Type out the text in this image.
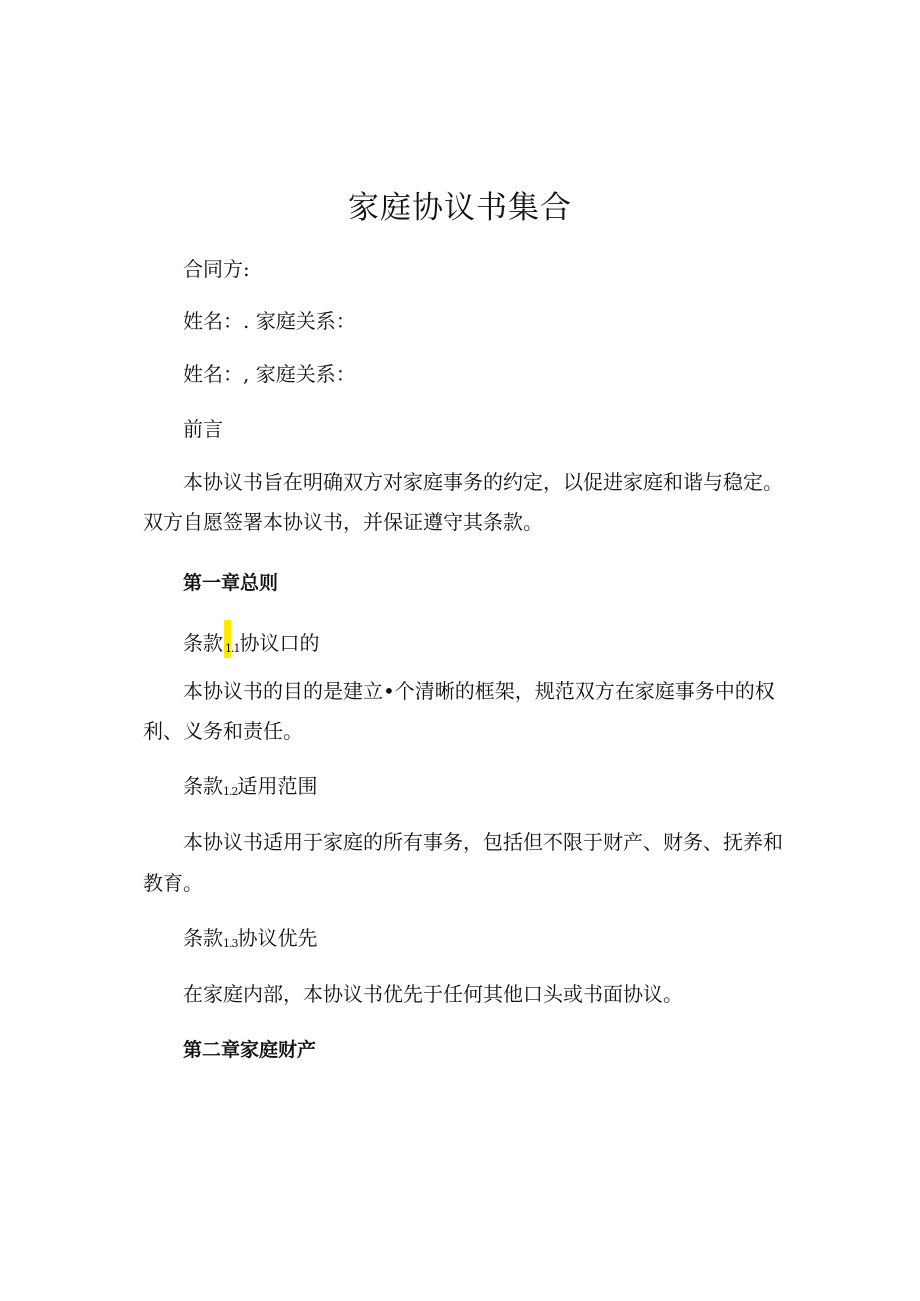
家庭协议书集合

合同方:

姓名：. 家庭关系：

姓名：, 家庭关系：

前言

本协议书旨在明确双方对家庭事务的约定，以促进家庭和谐与稳定。

双方自愿签署本协议书，并保证遵守其条款。

第一章总则

条款 1.1协议口的

本协议书的目的是建立•个清晰的框架，规范双方在家庭事务中的权

利、义务和责任。

条款1.2适用范围

本协议书适用于家庭的所有事务，包括但不限于财产、财务、抚养和

教育。

条款1.3协议优先

在家庭内部，本协议书优先于任何其他口头或书面协议。

第二章家庭财产
